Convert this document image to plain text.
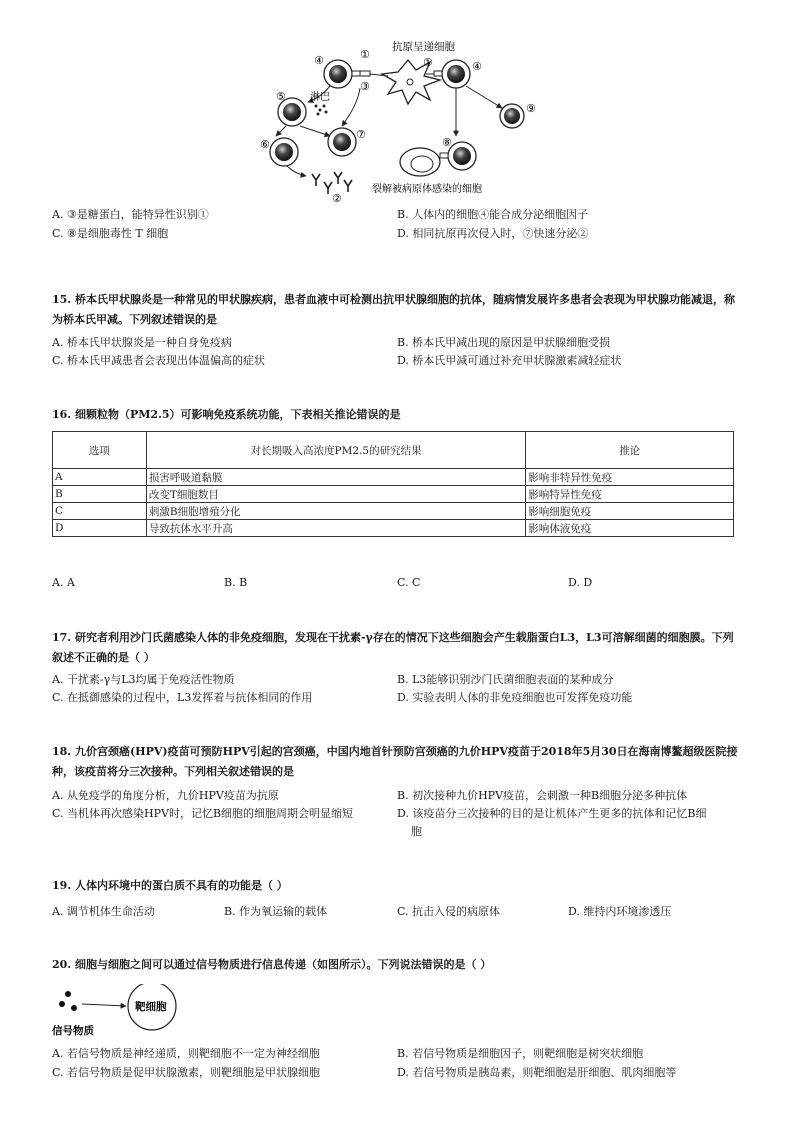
抗原呈递细胞
④	①
③
④
①
⑤ 淋巴
⑥
⑦
②
⑨
⑧
裂解被病原体感染的细胞
A. ③是糖蛋白，能特异性识别①	B. 人体内的细胞④能合成分泌细胞因子
C. ⑧是细胞毒性 T 细胞	D. 相同抗原再次侵入时，⑦快速分泌②
15. 桥本氏甲状腺炎是一种常见的甲状腺疾病，患者血液中可检测出抗甲状腺细胞的抗体，随病情发展许多患者会表现为甲状腺功能减退，称为桥本氏甲减。下列叙述错误的是
A. 桥本氏甲状腺炎是一种自身免疫病	B. 桥本氏甲减出现的原因是甲状腺细胞受损
C. 桥本氏甲减患者会表现出体温偏高的症状	D. 桥本氏甲减可通过补充甲状腺激素减轻症状
16. 细颗粒物（PM2.5）可影响免疫系统功能，下表相关推论错误的是
选项	对长期吸入高浓度PM2.5的研究结果	推论
A	损害呼吸道黏膜	影响非特异性免疫
B	改变T细胞数目	影响特异性免疫
C	刺激B细胞增殖分化	影响细胞免疫
D	导致抗体水平升高	影响体液免疫
A. A	B. B	C. C	D. D
17. 研究者利用沙门氏菌感染人体的非免疫细胞，发现在干扰素-γ存在的情况下这些细胞会产生载脂蛋白L3，L3可溶解细菌的细胞膜。下列叙述不正确的是（ ）
A. 干扰素-γ与L3均属于免疫活性物质	B. L3能够识别沙门氏菌细胞表面的某种成分
C. 在抵御感染的过程中，L3发挥着与抗体相同的作用	D. 实验表明人体的非免疫细胞也可发挥免疫功能
18. 九价宫颈癌(HPV)疫苗可预防HPV引起的宫颈癌，中国内地首针预防宫颈癌的九价HPV疫苗于2018年5月30日在海南博鳌超级医院接种，该疫苗将分三次接种。下列相关叙述错误的是
A. 从免疫学的角度分析，九价HPV疫苗为抗原	B. 初次接种九价HPV疫苗，会刺激一种B细胞分泌多种抗体
C. 当机体再次感染HPV时，记忆B细胞的细胞周期会明显缩短	D. 该疫苗分三次接种的目的是让机体产生更多的抗体和记忆B细
胞
19. 人体内环境中的蛋白质不具有的功能是（ ）
A. 调节机体生命活动	B. 作为氧运输的载体	C. 抗击入侵的病原体	D. 维持内环境渗透压
20. 细胞与细胞之间可以通过信号物质进行信息传递（如图所示）。下列说法错误的是（ ）
靶细胞
信号物质
A. 若信号物质是神经递质，则靶细胞不一定为神经细胞	B. 若信号物质是细胞因子，则靶细胞是树突状细胞
C. 若信号物质是促甲状腺激素，则靶细胞是甲状腺细胞	D. 若信号物质是胰岛素，则靶细胞是肝细胞、肌肉细胞等
